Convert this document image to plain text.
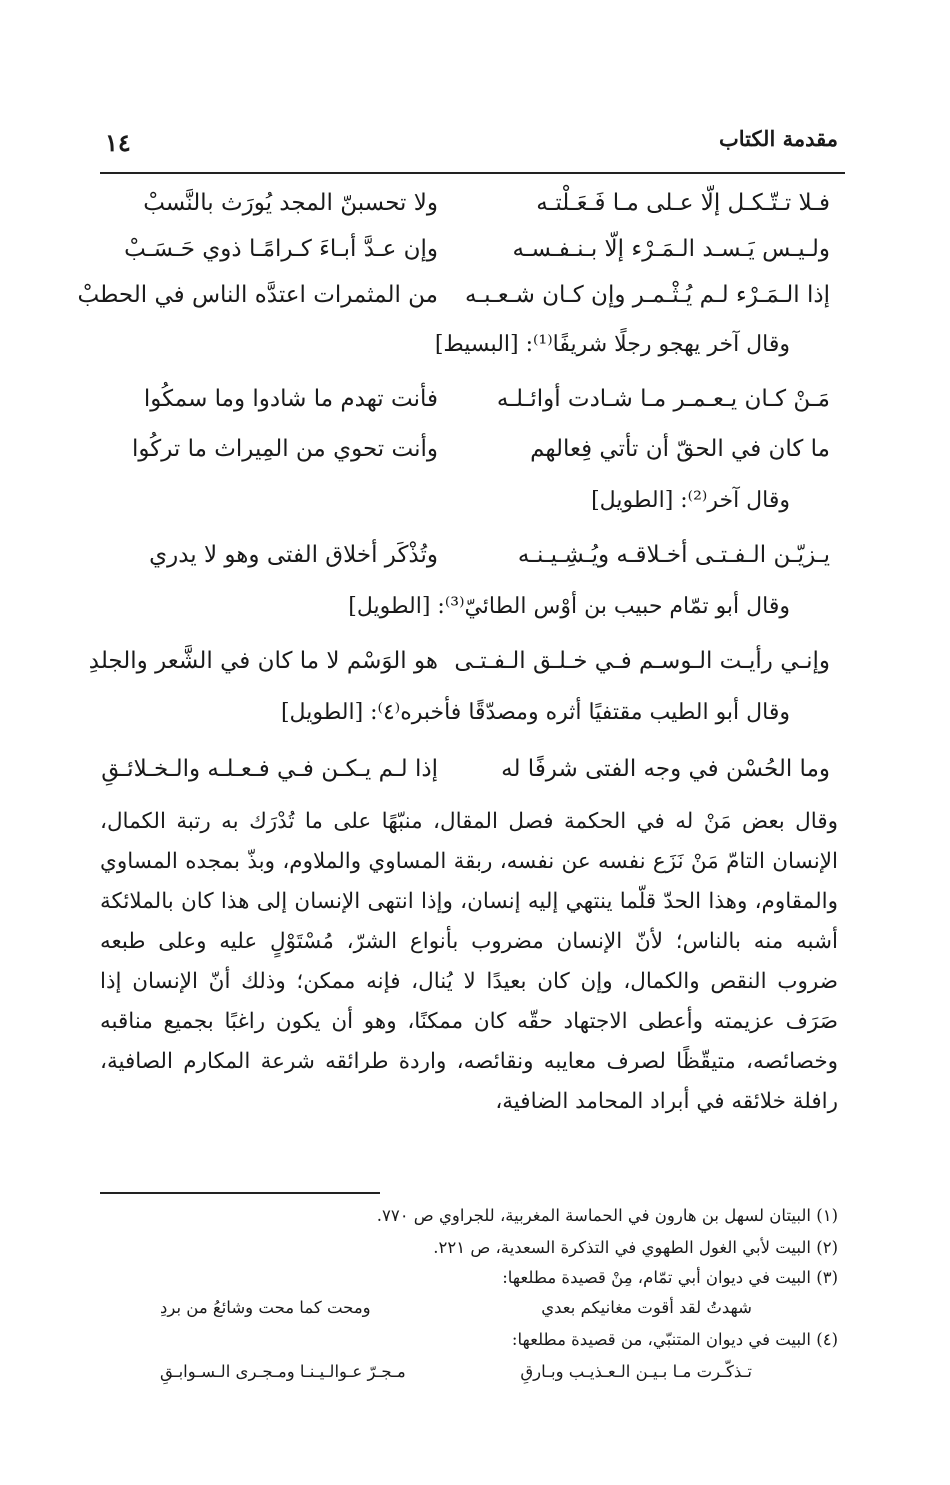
مقدمة الكتاب
١٤
فـلا تـتّـكـل إلّا عـلى مـا فَـعَـلْتـه
ولا تحسبنّ المجد يُورَث بالنَّسبْ
ولـيـس يَـسـد الـمَـرْء إلّا بـنـفـسـه
وإن عـدَّ أبـاءَ كـرامًـا ذوي حَـسَـبْ
إذا الـمَـرْء لـم يُـثْـمـر وإن كـان شـعـبـه
من المثمرات اعتدَّه الناس في الحطبْ
وقال آخر يهجو رجلًا شريفًا⁽¹⁾: [البسيط]
مَـنْ كـان يـعـمـر مـا شـادت أوائـلـه
فأنت تهدم ما شادوا وما سمكُوا
ما كان في الحقّ أن تأتي فِعالهم
وأنت تحوي من المِيراث ما تركُوا
وقال آخر⁽²⁾: [الطويل]
يـزيّـن الـفـتـى أخـلاقـه ويُـشِـيـنـه
وتُذْكَر أخلاق الفتى وهو لا يدري
وقال أبو تمّام حبيب بن أوْس الطائيّ⁽³⁾: [الطويل]
وإنـي رأيـت الـوسـم فـي خـلـق الـفـتـى
هو الوَسْم لا ما كان في الشَّعر والجلدِ
وقال أبو الطيب مقتفيًا أثره ومصدّقًا فأخبره⁽٤⁾: [الطويل]
وما الحُسْن في وجه الفتى شرفًا له
إذا لـم يـكـن فـي فـعـلـه والـخـلائـقِ
وقال بعض مَنْ له في الحكمة فصل المقال، منبّهًا على ما تُدْرَك به رتبة الكمال، الإنسان التامّ مَنْ نَزَع نفسه عن نفسه، ربقة المساوي والملاوم، وبذّ بمجده المساوي والمقاوم، وهذا الحدّ قلّما ينتهي إليه إنسان، وإذا انتهى الإنسان إلى هذا كان بالملائكة أشبه منه بالناس؛ لأنّ الإنسان مضروب بأنواع الشرّ، مُسْتَوْلٍ عليه وعلى طبعه ضروب النقص والكمال، وإن كان بعيدًا لا يُنال، فإنه ممكن؛ وذلك أنّ الإنسان إذا صَرَف عزيمته وأعطى الاجتهاد حقّه كان ممكنًا، وهو أن يكون راغبًا بجميع مناقبه وخصائصه، متيقّظًا لصرف معايبه ونقائصه، واردة طرائقه شرعة المكارم الصافية، رافلة خلائقه في أبراد المحامد الضافية،
(١) البيتان لسهل بن هارون في الحماسة المغربية، للجراوي ص ٧٧٠.
(٢) البيت لأبي الغول الطهوي في التذكرة السعدية، ص ٢٢١.
(٣) البيت في ديوان أبي تمّام، مِنْ قصيدة مطلعها:
شهدتُ لقد أقوت مغانيكم بعدي
ومحت كما محت وشائعُ من بردِ
(٤) البيت في ديوان المتنبّي، من قصيدة مطلعها:
تـذكّـرت مـا بـيـن الـعـذيـب وبـارقِ
مـجـرّ عـوالـيـنـا ومـجـرى الـسـوابـقِ
